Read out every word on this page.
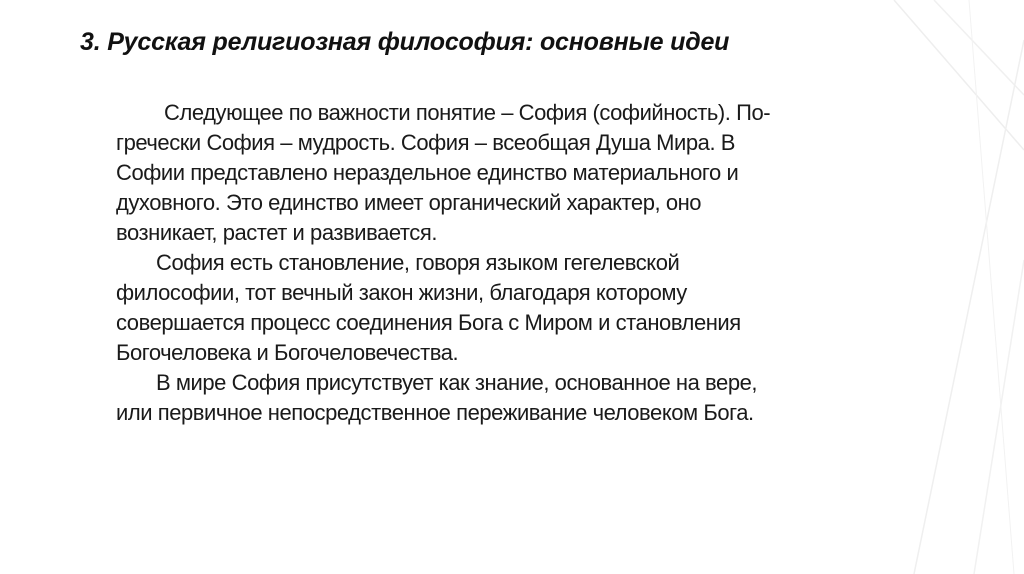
3. Русская религиозная философия: основные идеи

Следующее по важности понятие – София (софийность). По-
гречески София – мудрость. София – всеобщая Душа Мира. В
Софии представлено нераздельное единство материального и
духовного. Это единство имеет органический характер, оно
возникает, растет и развивается.

София есть становление, говоря языком гегелевской
философии, тот вечный закон жизни, благодаря которому
совершается процесс соединения Бога с Миром и становления
Богочеловека и Богочеловечества.

В мире София присутствует как знание, основанное на вере,
или первичное непосредственное переживание человеком Бога.
